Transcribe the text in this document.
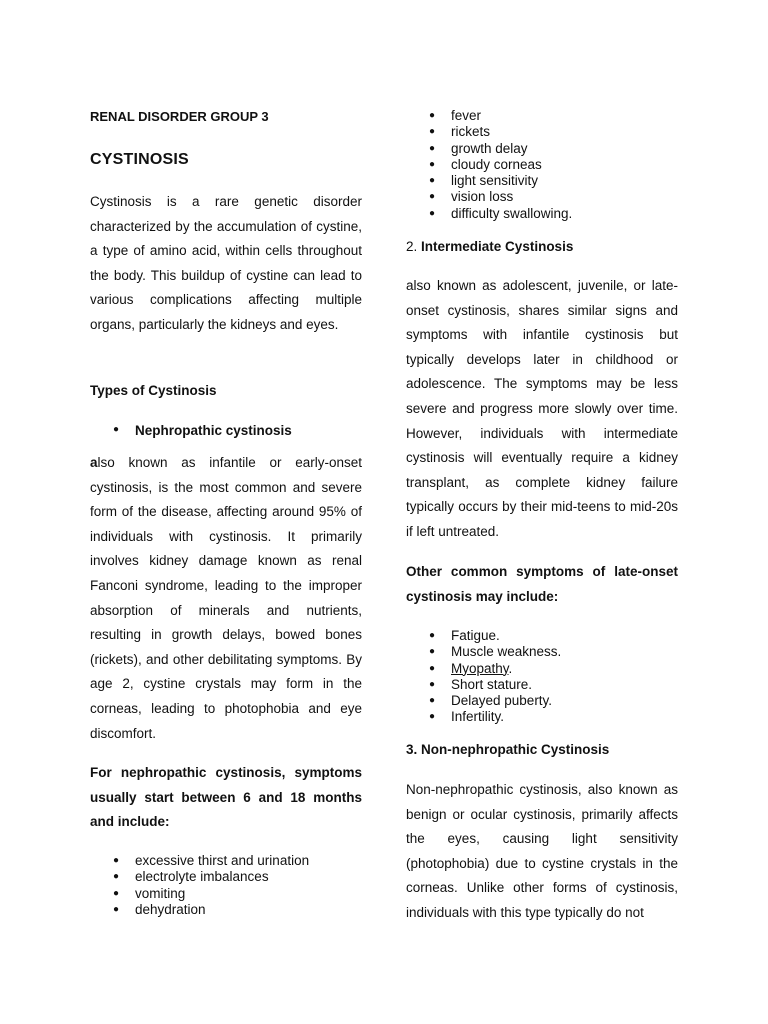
RENAL DISORDER GROUP 3
CYSTINOSIS

Cystinosis is a rare genetic disorder characterized by the accumulation of cystine, a type of amino acid, within cells throughout the body. This buildup of cystine can lead to various complications affecting multiple organs, particularly the kidneys and eyes.

Types of Cystinosis
● Nephropathic cystinosis

also known as infantile or early-onset cystinosis, is the most common and severe form of the disease, affecting around 95% of individuals with cystinosis. It primarily involves kidney damage known as renal Fanconi syndrome, leading to the improper absorption of minerals and nutrients, resulting in growth delays, bowed bones (rickets), and other debilitating symptoms. By age 2, cystine crystals may form in the corneas, leading to photophobia and eye discomfort.

For nephropathic cystinosis, symptoms usually start between 6 and 18 months and include:

● excessive thirst and urination
● electrolyte imbalances
● vomiting
● dehydration
● fever
● rickets
● growth delay
● cloudy corneas
● light sensitivity
● vision loss
● difficulty swallowing.
2. Intermediate Cystinosis

also known as adolescent, juvenile, or late-onset cystinosis, shares similar signs and symptoms with infantile cystinosis but typically develops later in childhood or adolescence. The symptoms may be less severe and progress more slowly over time. However, individuals with intermediate cystinosis will eventually require a kidney transplant, as complete kidney failure typically occurs by their mid-teens to mid-20s if left untreated.

Other common symptoms of late-onset cystinosis may include:

● Fatigue.
● Muscle weakness.
● Myopathy.
● Short stature.
● Delayed puberty.
● Infertility.
3. Non-nephropathic Cystinosis

Non-nephropathic cystinosis, also known as benign or ocular cystinosis, primarily affects the eyes, causing light sensitivity (photophobia) due to cystine crystals in the corneas. Unlike other forms of cystinosis, individuals with this type typically do not
